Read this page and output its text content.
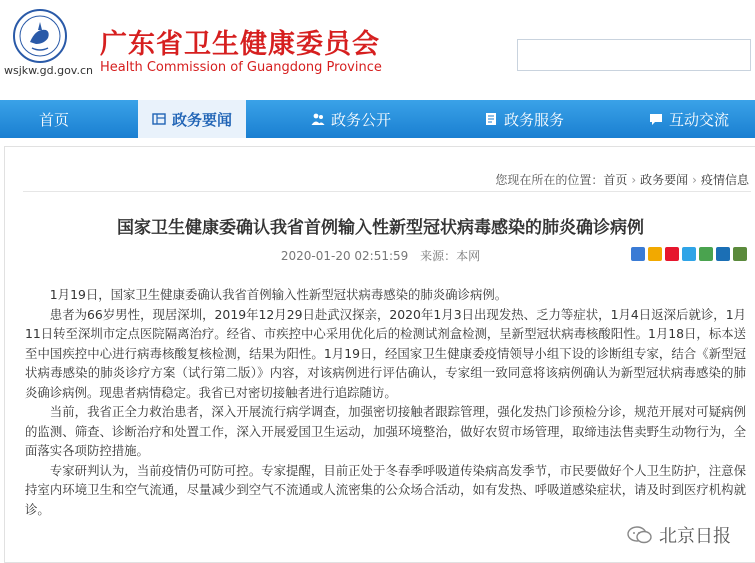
wsjkw.gd.gov.cn
广东省卫生健康委员会
Health Commission of Guangdong Province
首页	政务要闻	政务公开	政务服务	互动交流
您现在所在的位置：首页 › 政务要闻 › 疫情信息
国家卫生健康委确认我省首例输入性新型冠状病毒感染的肺炎确诊病例
2020-01-20 02:51:59 来源：本网

1月19日，国家卫生健康委确认我省首例输入性新型冠状病毒感染的肺炎确诊病例。

患者为66岁男性，现居深圳，2019年12月29日赴武汉探亲，2020年1月3日出现发热、乏力等症状，1月4日返深后就诊，1月11日转至深圳市定点医院隔离治疗。经省、市疾控中心采用优化后的检测试剂盒检测，呈新型冠状病毒核酸阳性。1月18日，标本送至中国疾控中心进行病毒核酸复核检测，结果为阳性。1月19日，经国家卫生健康委疫情领导小组下设的诊断组专家，结合《新型冠状病毒感染的肺炎诊疗方案（试行第二版）》内容，对该病例进行评估确认，专家组一致同意将该病例确认为新型冠状病毒感染的肺炎确诊病例。现患者病情稳定。我省已对密切接触者进行追踪随访。

当前，我省正全力救治患者，深入开展流行病学调查，加强密切接触者跟踪管理，强化发热门诊预检分诊，规范开展对可疑病例的监测、筛查、诊断治疗和处置工作，深入开展爱国卫生运动，加强环境整治，做好农贸市场管理，取缔违法售卖野生动物行为，全面落实各项防控措施。

专家研判认为，当前疫情仍可防可控。专家提醒，目前正处于冬春季呼吸道传染病高发季节，市民要做好个人卫生防护，注意保持室内环境卫生和空气流通，尽量减少到空气不流通或人流密集的公众场合活动，如有发热、呼吸道感染症状，请及时到医疗机构就诊。

北京日报
